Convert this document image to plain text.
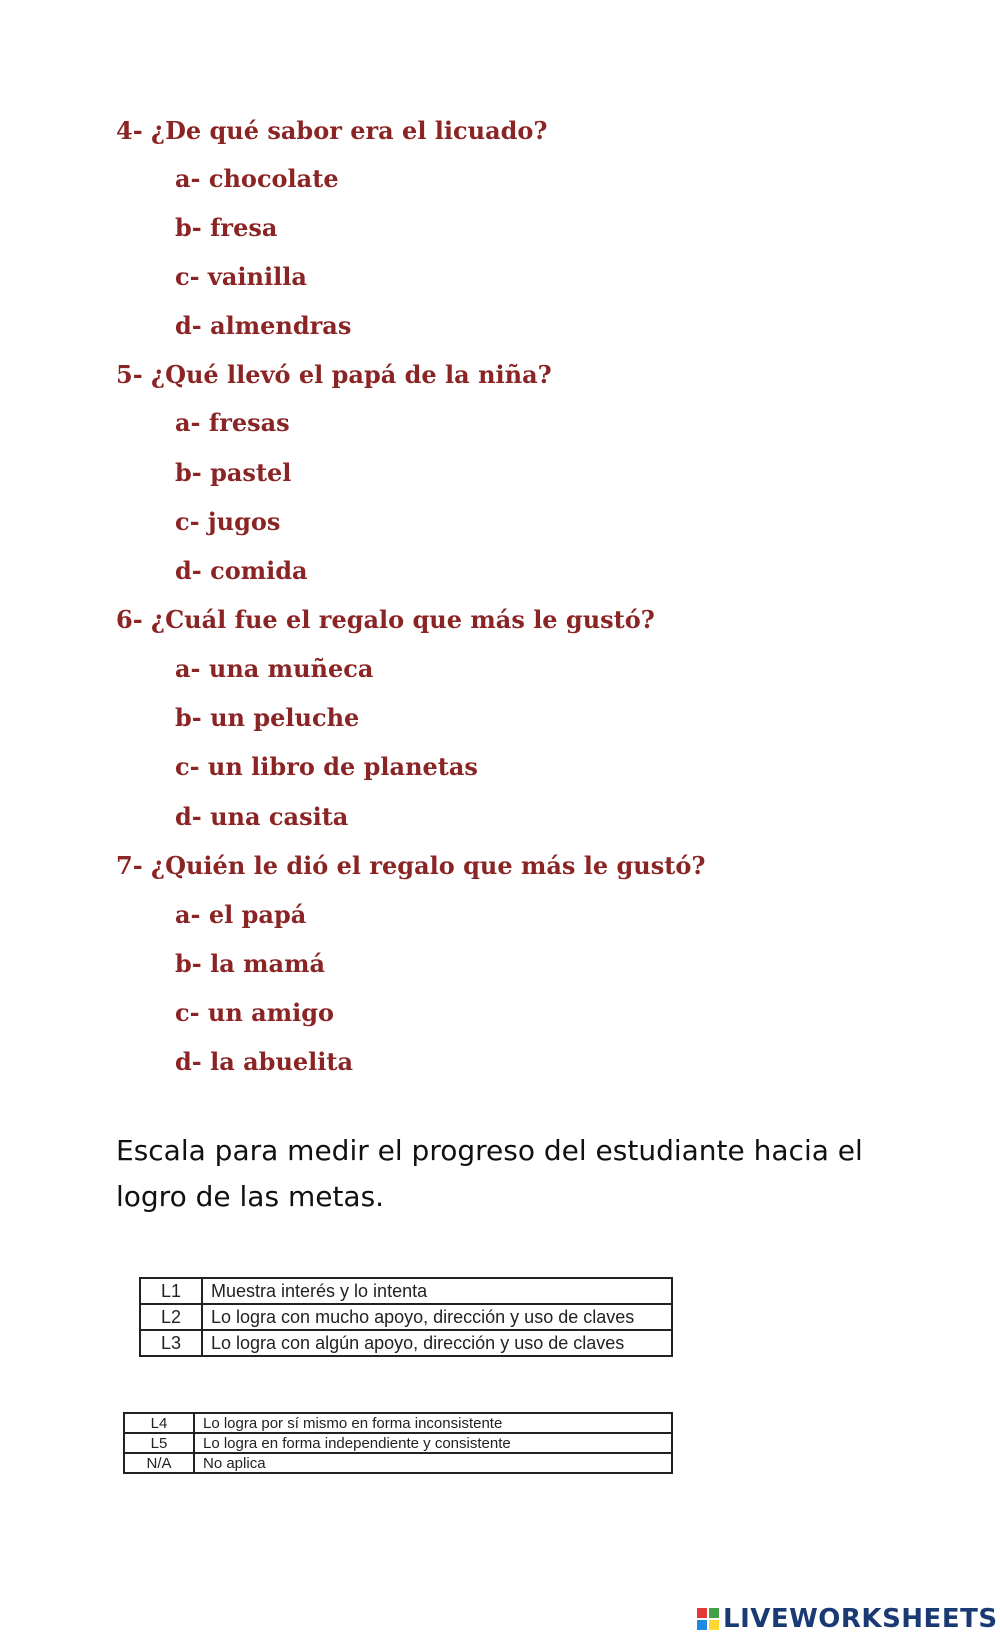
4- ¿De qué sabor era el licuado?
a- chocolate
b- fresa
c- vainilla
d- almendras
5- ¿Qué llevó el papá de la niña?
a- fresas
b- pastel
c- jugos
d- comida
6- ¿Cuál fue el regalo que más le gustó?
a- una muñeca
b- un peluche
c- un libro de planetas
d- una casita
7- ¿Quién le dió el regalo que más le gustó?
a- el papá
b- la mamá
c- un amigo
d- la abuelita
Escala para medir el progreso del estudiante hacia el logro de las metas.
L1	Muestra interés y lo intenta
L2	Lo logra con mucho apoyo, dirección y uso de claves
L3	Lo logra con algún apoyo, dirección y uso de claves
L4	Lo logra por sí mismo en forma inconsistente
L5	Lo logra en forma independiente y consistente
N/A	No aplica
LIVEWORKSHEETS
